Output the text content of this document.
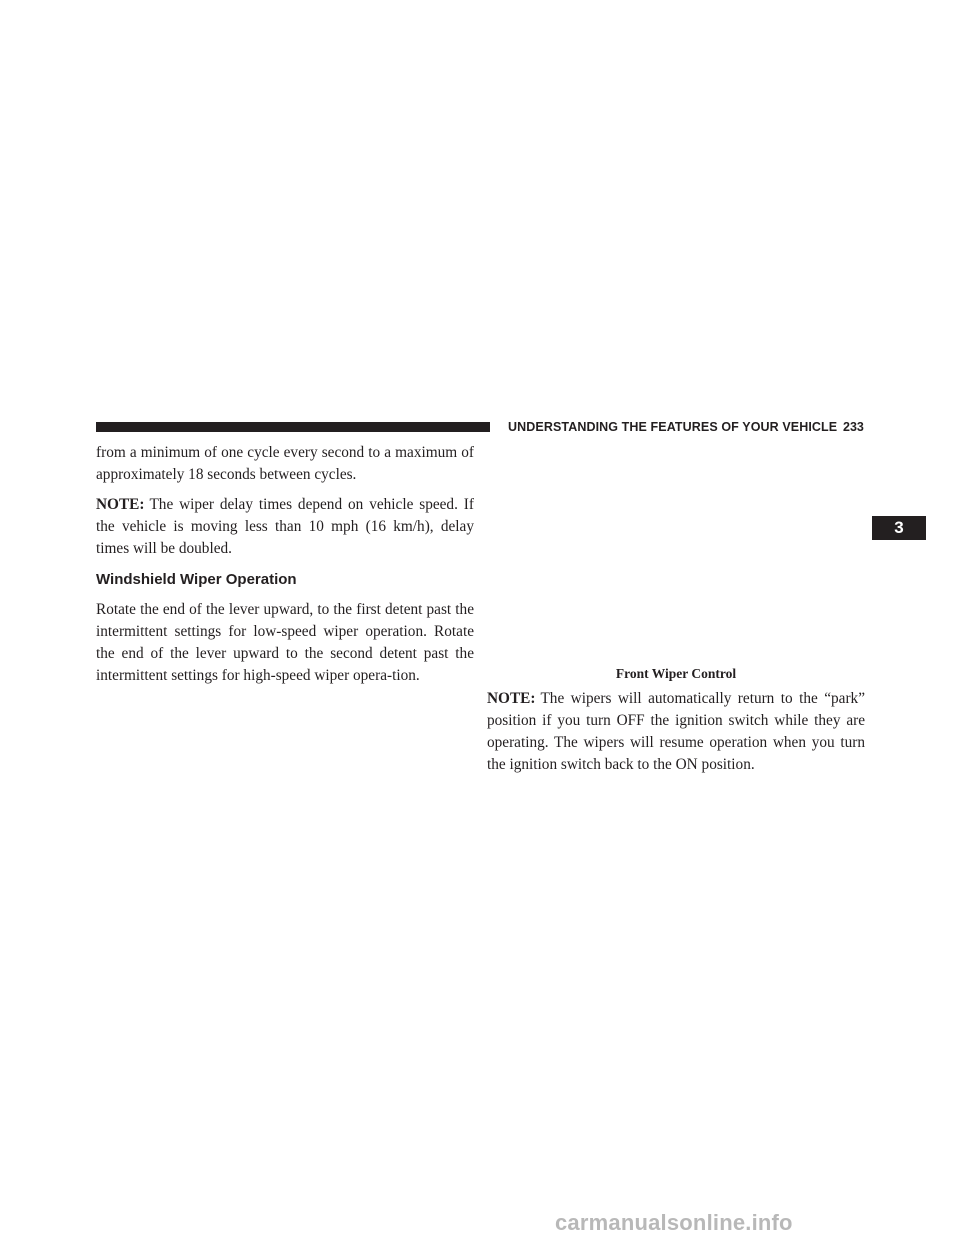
UNDERSTANDING THE FEATURES OF YOUR VEHICLE 233
3

from a minimum of one cycle every second to a maximum of approximately 18 seconds between cycles.

NOTE: The wiper delay times depend on vehicle speed. If the vehicle is moving less than 10 mph (16 km/h), delay times will be doubled.

Windshield Wiper Operation

Rotate the end of the lever upward, to the first detent past the intermittent settings for low-speed wiper operation. Rotate the end of the lever upward to the second detent past the intermittent settings for high-speed wiper opera-tion.	Front Wiper Control

NOTE: The wipers will automatically return to the “park” position if you turn OFF the ignition switch while they are operating. The wipers will resume operation when you turn the ignition switch back to the ON position.

carmanualsonline.info
